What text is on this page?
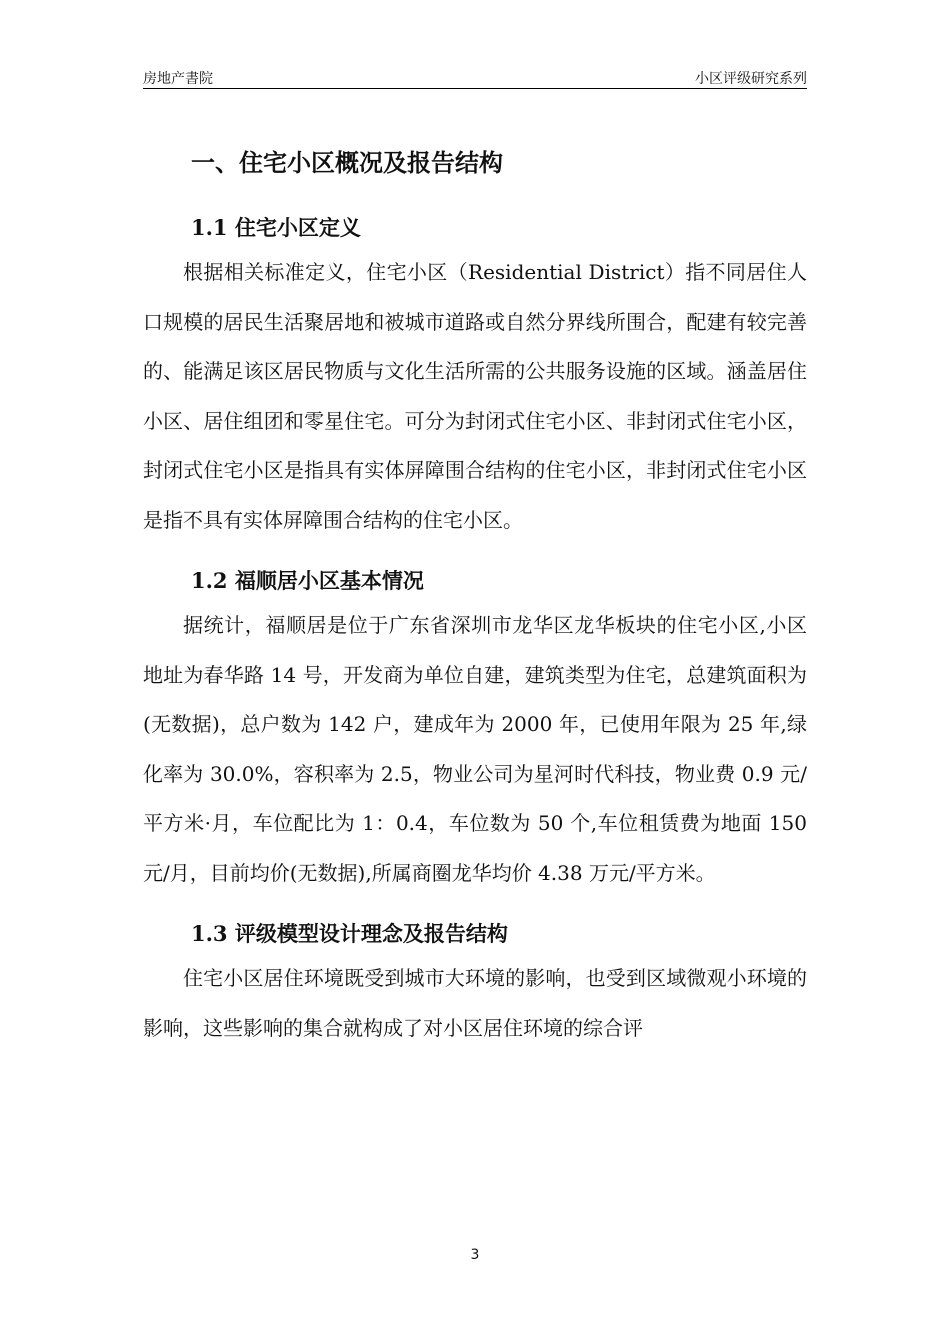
房地产書院	小区评级研究系列
一、住宅小区概况及报告结构
1.1 住宅小区定义

根据相关标准定义，住宅小区（Residential District）指不同居住人口规模的居民生活聚居地和被城市道路或自然分界线所围合，配建有较完善的、能满足该区居民物质与文化生活所需的公共服务设施的区域。涵盖居住小区、居住组团和零星住宅。可分为封闭式住宅小区、非封闭式住宅小区，封闭式住宅小区是指具有实体屏障围合结构的住宅小区，非封闭式住宅小区是指不具有实体屏障围合结构的住宅小区。

1.2 福顺居小区基本情况

据统计，福顺居是位于广东省深圳市龙华区龙华板块的住宅小区,小区地址为春华路 14 号，开发商为单位自建，建筑类型为住宅，总建筑面积为(无数据)，总户数为 142 户，建成年为 2000 年，已使用年限为 25 年,绿化率为 30.0%，容积率为 2.5，物业公司为星河时代科技，物业费 0.9 元/平方米·月，车位配比为 1：0.4，车位数为 50 个,车位租赁费为地面 150 元/月，目前均价(无数据),所属商圈龙华均价 4.38 万元/平方米。

1.3 评级模型设计理念及报告结构

住宅小区居住环境既受到城市大环境的影响，也受到区域微观小环境的影响，这些影响的集合就构成了对小区居住环境的综合评

3
